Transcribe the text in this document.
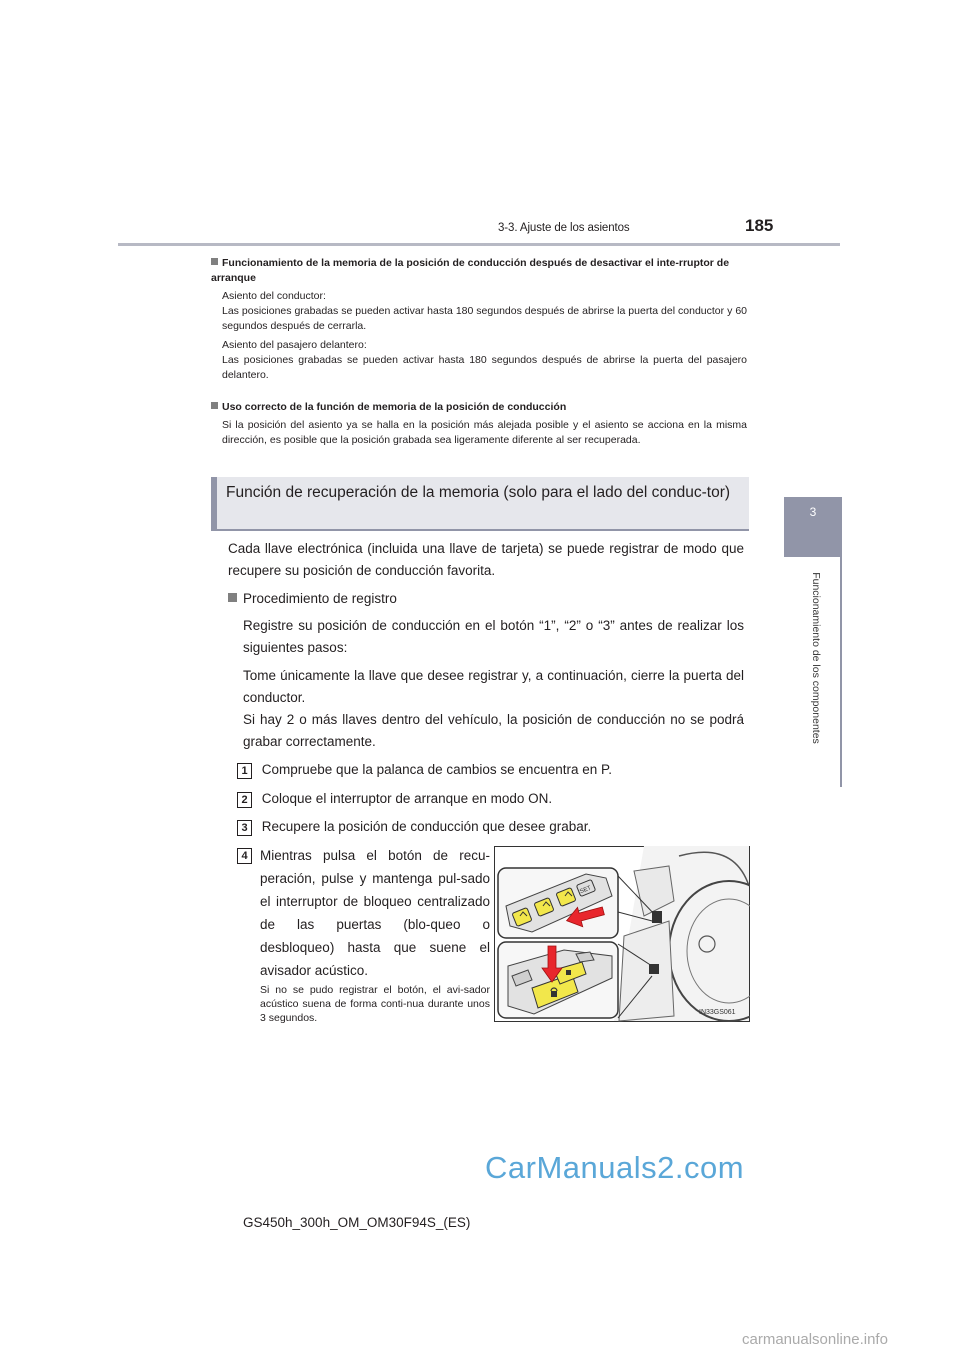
3-3. Ajuste de los asientos	185
3
Funcionamiento de los componentes
Funcionamiento de la memoria de la posición de conducción después de desactivar el inte-rruptor de arranque
Asiento del conductor:
Las posiciones grabadas se pueden activar hasta 180 segundos después de abrirse la puerta del conductor y 60 segundos después de cerrarla.
Asiento del pasajero delantero:
Las posiciones grabadas se pueden activar hasta 180 segundos después de abrirse la puerta del pasajero delantero.
Uso correcto de la función de memoria de la posición de conducción
Si la posición del asiento ya se halla en la posición más alejada posible y el asiento se acciona en la misma dirección, es posible que la posición grabada sea ligeramente diferente al ser recuperada.
Función de recuperación de la memoria (solo para el lado del conduc-tor)
Cada llave electrónica (incluida una llave de tarjeta) se puede registrar de modo que recupere su posición de conducción favorita.
Procedimiento de registro
Registre su posición de conducción en el botón “1”, “2” o “3” antes de realizar los siguientes pasos:
Tome únicamente la llave que desee registrar y, a continuación, cierre la puerta del conductor.
Si hay 2 o más llaves dentro del vehículo, la posición de conducción no se podrá grabar correctamente.
1 Compruebe que la palanca de cambios se encuentra en P.
2 Coloque el interruptor de arranque en modo ON.
3 Recupere la posición de conducción que desee grabar.
4 Mientras pulsa el botón de recu-peración, pulse y mantenga pul-sado el interruptor de bloqueo centralizado de las puertas (blo-queo o desbloqueo) hasta que suene el avisador acústico.
Si no se pudo registrar el botón, el avi-sador acústico suena de forma conti-nua durante unos 3 segundos.
SET
IN33GS061
CarManuals2.com
GS450h_300h_OM_OM30F94S_(ES)
carmanualsonline.info
